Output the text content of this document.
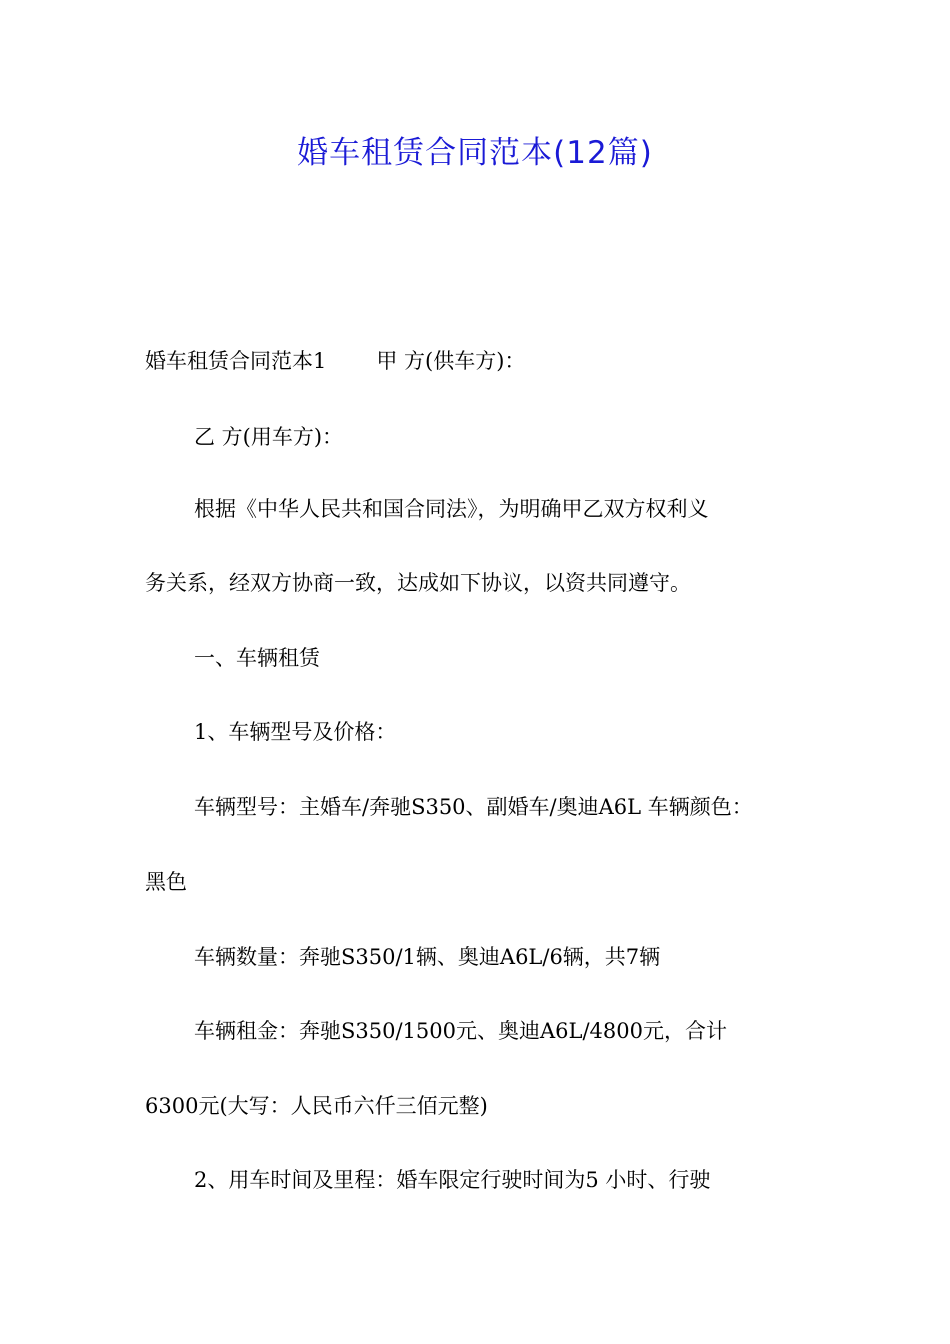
婚车租赁合同范本(12篇)
婚车租赁合同范本1 甲 方(供车方)：
乙 方(用车方)：
根据《中华人民共和国合同法》，为明确甲乙双方权利义
务关系，经双方协商一致，达成如下协议，以资共同遵守。
一、车辆租赁
1、车辆型号及价格：
车辆型号：主婚车/奔驰S350、副婚车/奥迪A6L 车辆颜色：
黑色
车辆数量：奔驰S350/1辆、奥迪A6L/6辆，共7辆
车辆租金：奔驰S350/1500元、奥迪A6L/4800元，合计
6300元(大写：人民币六仟三佰元整)
2、用车时间及里程：婚车限定行驶时间为5 小时、行驶
